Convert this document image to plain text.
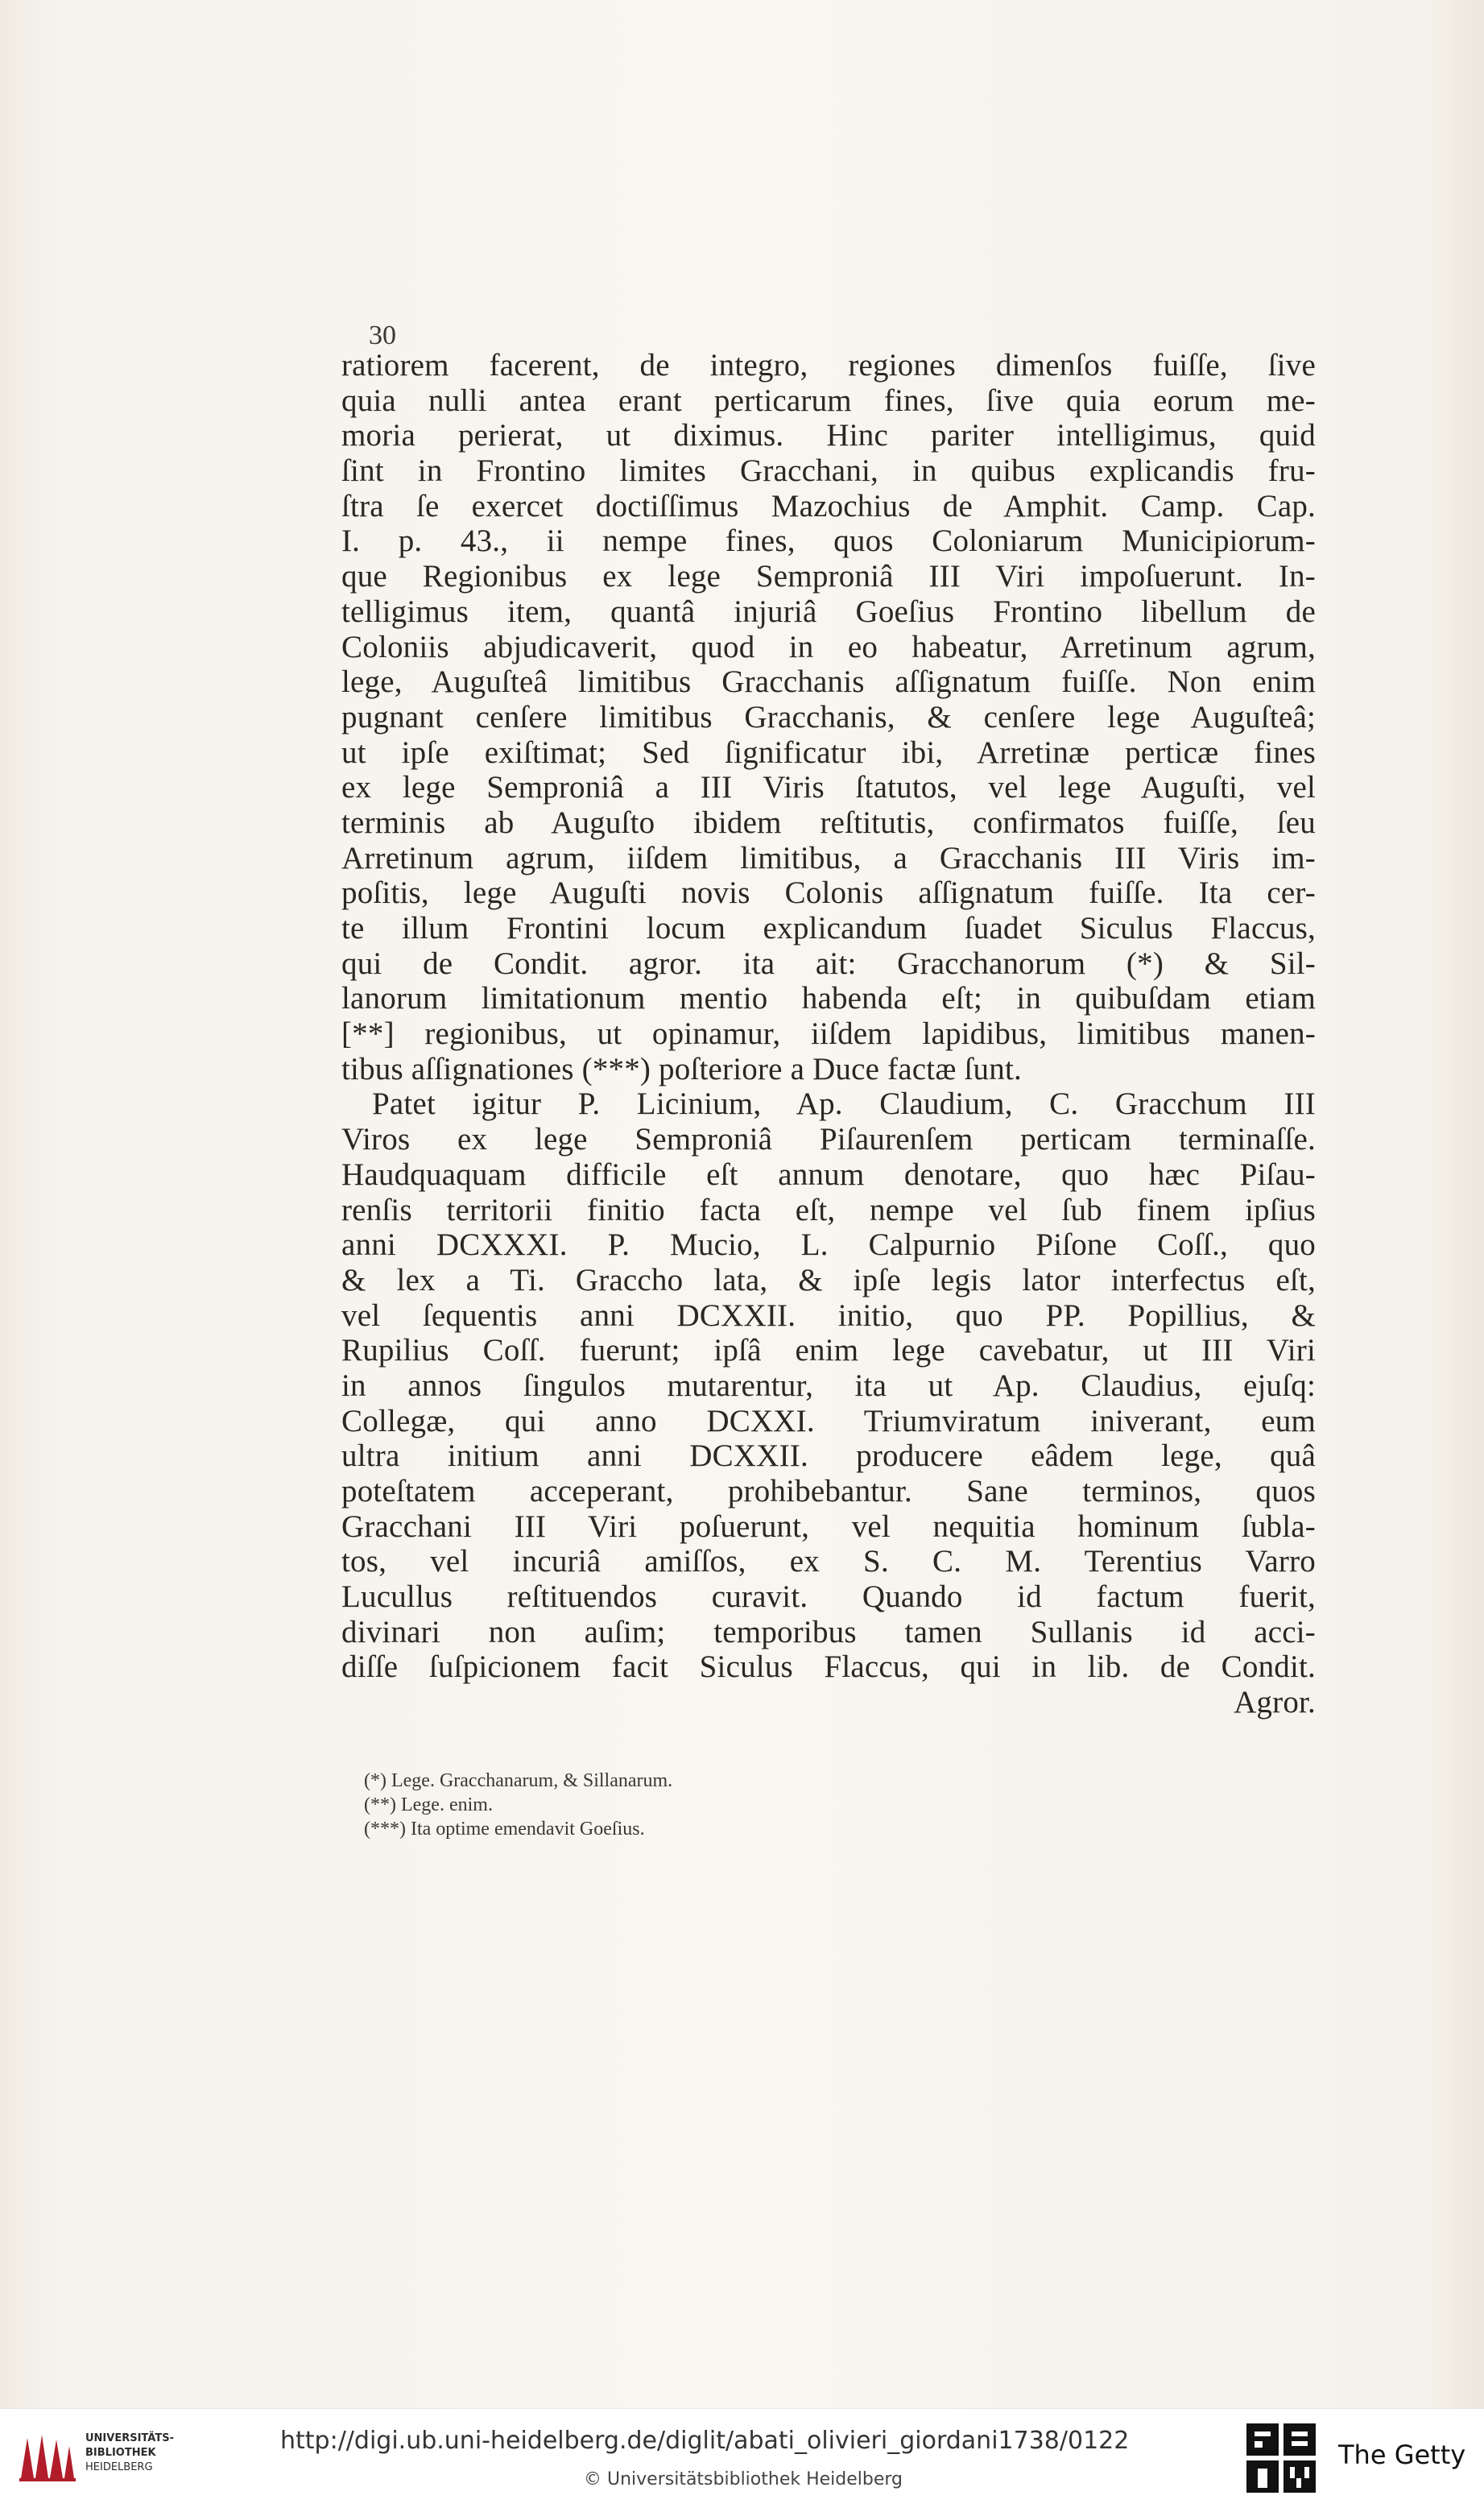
30
ratiorem facerent, de integro, regiones dimenſos fuiſſe, ſive
quia nulli antea erant perticarum fines, ſive quia eorum me-
moria perierat, ut diximus. Hinc pariter intelligimus, quid
ſint in Frontino limites Gracchani, in quibus explicandis fru-
ſtra ſe exercet doctiſſimus Mazochius de Amphit. Camp. Cap.
I. p. 43., ii nempe fines, quos Coloniarum Municipiorum-
que Regionibus ex lege Semproniâ III Viri impoſuerunt. In-
telligimus item, quantâ injuriâ Goeſius Frontino libellum de
Coloniis abjudicaverit, quod in eo habeatur, Arretinum agrum,
lege, Auguſteâ limitibus Gracchanis aſſignatum fuiſſe. Non enim
pugnant cenſere limitibus Gracchanis, & cenſere lege Auguſteâ;
ut ipſe exiſtimat; Sed ſignificatur ibi, Arretinæ perticæ fines
ex lege Semproniâ a III Viris ſtatutos, vel lege Auguſti, vel
terminis ab Auguſto ibidem reſtitutis, confirmatos fuiſſe, ſeu
Arretinum agrum, iiſdem limitibus, a Gracchanis III Viris im-
poſitis, lege Auguſti novis Colonis aſſignatum fuiſſe. Ita cer-
te illum Frontini locum explicandum ſuadet Siculus Flaccus,
qui de Condit. agror. ita ait: Gracchanorum (*) & Sil-
lanorum limitationum mentio habenda eſt; in quibuſdam etiam
[**] regionibus, ut opinamur, iiſdem lapidibus, limitibus manen-
tibus aſſignationes (***) poſteriore a Duce factæ ſunt.
Patet igitur P. Licinium, Ap. Claudium, C. Gracchum III
Viros ex lege Semproniâ Piſaurenſem perticam terminaſſe.
Haudquaquam difficile eſt annum denotare, quo hæc Piſau-
renſis territorii finitio facta eſt, nempe vel ſub finem ipſius
anni DCXXXI. P. Mucio, L. Calpurnio Piſone Coſſ., quo
& lex a Ti. Graccho lata, & ipſe legis lator interfectus eſt,
vel ſequentis anni DCXXII. initio, quo PP. Popillius, &
Rupilius Coſſ. fuerunt; ipſâ enim lege cavebatur, ut III Viri
in annos ſingulos mutarentur, ita ut Ap. Claudius, ejuſq:
Collegæ, qui anno DCXXI. Triumviratum iniverant, eum
ultra initium anni DCXXII. producere eâdem lege, quâ
poteſtatem acceperant, prohibebantur. Sane terminos, quos
Gracchani III Viri poſuerunt, vel nequitia hominum ſubla-
tos, vel incuriâ amiſſos, ex S. C. M. Terentius Varro
Lucullus reſtituendos curavit. Quando id factum fuerit,
divinari non auſim; temporibus tamen Sullanis id acci-
diſſe ſuſpicionem facit Siculus Flaccus, qui in lib. de Condit.
Agror.
(*) Lege. Gracchanarum, & Sillanarum.
(**) Lege. enim.
(***) Ita optime emendavit Goeſius.
UNIVERSITÄTS-
BIBLIOTHEK
HEIDELBERG
http://digi.ub.uni-heidelberg.de/diglit/abati_olivieri_giordani1738/0122
© Universitätsbibliothek Heidelberg
The Getty
